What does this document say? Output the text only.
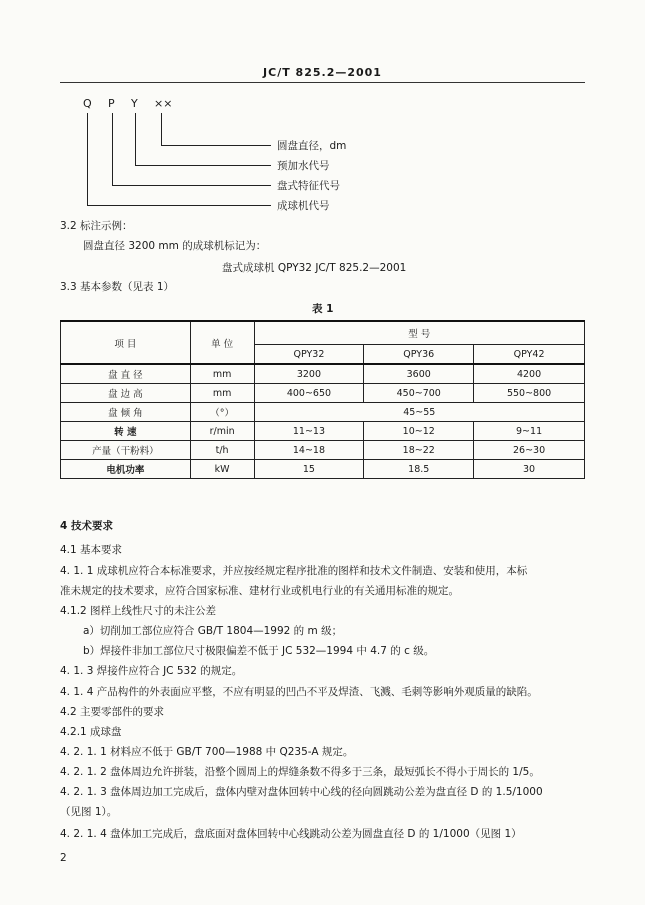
JC/T 825.2—2001
Q P Y ××
圆盘直径，dm
预加水代号
盘式特征代号
成球机代号
3.2 标注示例：
圆盘直径 3200 mm 的成球机标记为：
盘式成球机 QPY32 JC/T 825.2—2001
3.3 基本参数（见表 1）
表 1
项 目	单 位	型 号		
		QPY32	QPY36	QPY42
盘 直 径	mm	3200	3600	4200
盘 边 高	mm	400~650	450~700	550~800
盘 倾 角	（°）	45~55		
转 速	r/min	11~13	10~12	9~11
产量（干粉料）	t/h	14~18	18~22	26~30
电机功率	kW	15	18.5	30
4 技术要求
4.1 基本要求
4. 1. 1 成球机应符合本标准要求，并应按经规定程序批准的图样和技术文件制造、安装和使用，本标
准未规定的技术要求，应符合国家标准、建材行业或机电行业的有关通用标准的规定。
4.1.2 图样上线性尺寸的未注公差
a）切削加工部位应符合 GB/T 1804—1992 的 m 级；
b）焊接件非加工部位尺寸极限偏差不低于 JC 532—1994 中 4.7 的 c 级。
4. 1. 3 焊接件应符合 JC 532 的规定。
4. 1. 4 产品构件的外表面应平整，不应有明显的凹凸不平及焊渣、飞溅、毛刺等影响外观质量的缺陷。
4.2 主要零部件的要求
4.2.1 成球盘
4. 2. 1. 1 材料应不低于 GB/T 700—1988 中 Q235-A 规定。
4. 2. 1. 2 盘体周边允许拼装，沿整个圆周上的焊缝条数不得多于三条，最短弧长不得小于周长的 1/5。
4. 2. 1. 3 盘体周边加工完成后，盘体内壁对盘体回转中心线的径向圆跳动公差为盘直径 D 的 1.5/1000
（见图 1）。
4. 2. 1. 4 盘体加工完成后，盘底面对盘体回转中心线跳动公差为圆盘直径 D 的 1/1000（见图 1）
2
